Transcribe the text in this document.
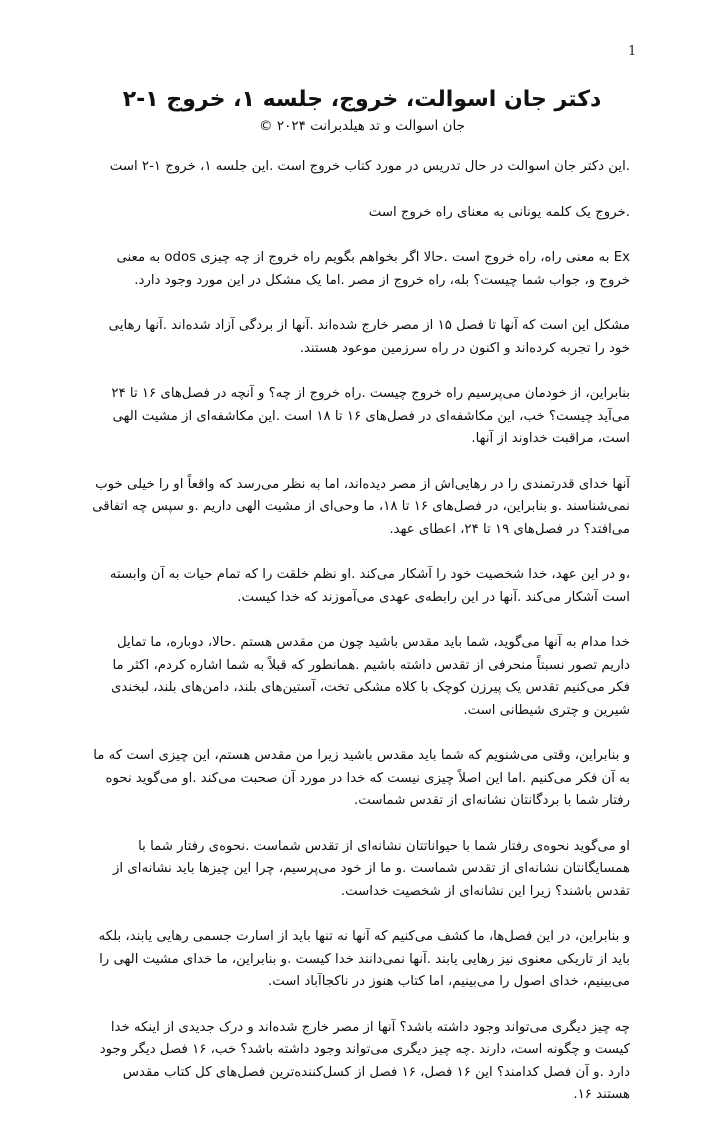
1
دکتر جان اسوالت، خروج، جلسه ۱، خروج ۱-۲
جان اسوالت و تد هیلدبرانت ۲۰۲۴ ©

.این دکتر جان اسوالت در حال تدریس در مورد کتاب خروج است .این جلسه ۱، خروج ۱-۲ است

.خروج یک کلمه یونانی به معنای راه خروج است

Ex به معنی راه، راه خروج است .حالا اگر بخواهم بگویم راه خروج از چه چیزی odos به معنی خروج و، جواب شما چیست؟ بله، راه خروج از مصر .اما یک مشکل در این مورد وجود دارد.

مشکل این است که آنها تا فصل ۱۵ از مصر خارج شده‌اند .آنها از بردگی آزاد شده‌اند .آنها رهایی خود را تجربه کرده‌اند و اکنون در راه سرزمین موعود هستند.

بنابراین، از خودمان می‌پرسیم راه خروج چیست .راه خروج از چه؟ و آنچه در فصل‌های ۱۶ تا ۲۴ می‌آید چیست؟ خب، این مکاشفه‌ای در فصل‌های ۱۶ تا ۱۸ است .این مکاشفه‌ای از مشیت الهی است، مراقبت خداوند از آنها.

آنها خدای قدرتمندی را در رهایی‌اش از مصر دیده‌اند، اما به نظر می‌رسد که واقعاً او را خیلی خوب نمی‌شناسند .و بنابراین، در فصل‌های ۱۶ تا ۱۸، ما وحی‌ای از مشیت الهی داریم .و سپس چه اتفاقی می‌افتد؟ در فصل‌های ۱۹ تا ۲۴، اعطای عهد.

،و در این عهد، خدا شخصیت خود را آشکار می‌کند .او نظم خلقت را که تمام حیات به آن وابسته است آشکار می‌کند .آنها در این رابطه‌ی عهدی می‌آموزند که خدا کیست.

خدا مدام به آنها می‌گوید، شما باید مقدس باشید چون من مقدس هستم .حالا، دوباره، ما تمایل داریم تصور نسبتاً منحرفی از تقدس داشته باشیم .همانطور که قبلاً به شما اشاره کردم، اکثر ما فکر می‌کنیم تقدس یک پیرزن کوچک با کلاه مشکی تخت، آستین‌های بلند، دامن‌های بلند، لبخندی شیرین و چتری شیطانی است.

و بنابراین، وقتی می‌شنویم که شما باید مقدس باشید زیرا من مقدس هستم، این چیزی است که ما به آن فکر می‌کنیم .اما این اصلاً چیزی نیست که خدا در مورد آن صحبت می‌کند .او می‌گوید نحوه رفتار شما با بردگانتان نشانه‌ای از تقدس شماست.

او می‌گوید نحوه‌ی رفتار شما با حیواناتتان نشانه‌ای از تقدس شماست .نحوه‌ی رفتار شما با همسایگانتان نشانه‌ای از تقدس شماست .و ما از خود می‌پرسیم، چرا این چیزها باید نشانه‌ای از تقدس باشند؟ زیرا این نشانه‌ای از شخصیت خداست.

و بنابراین، در این فصل‌ها، ما کشف می‌کنیم که آنها نه تنها باید از اسارت جسمی رهایی یابند، بلکه باید از تاریکی معنوی نیز رهایی یابند .آنها نمی‌دانند خدا کیست .و بنابراین، ما خدای مشیت الهی را می‌بینیم، خدای اصول را می‌بینیم، اما کتاب هنوز در ناکجاآباد است.

چه چیز دیگری می‌تواند وجود داشته باشد؟ آنها از مصر خارج شده‌اند و درک جدیدی از اینکه خدا کیست و چگونه است، دارند .چه چیز دیگری می‌تواند وجود داشته باشد؟ خب، ۱۶ فصل دیگر وجود دارد .و آن فصل کدامند؟ این ۱۶ فصل، ۱۶ فصل از کسل‌کننده‌ترین فصل‌های کل کتاب مقدس هستند ۱۶.
